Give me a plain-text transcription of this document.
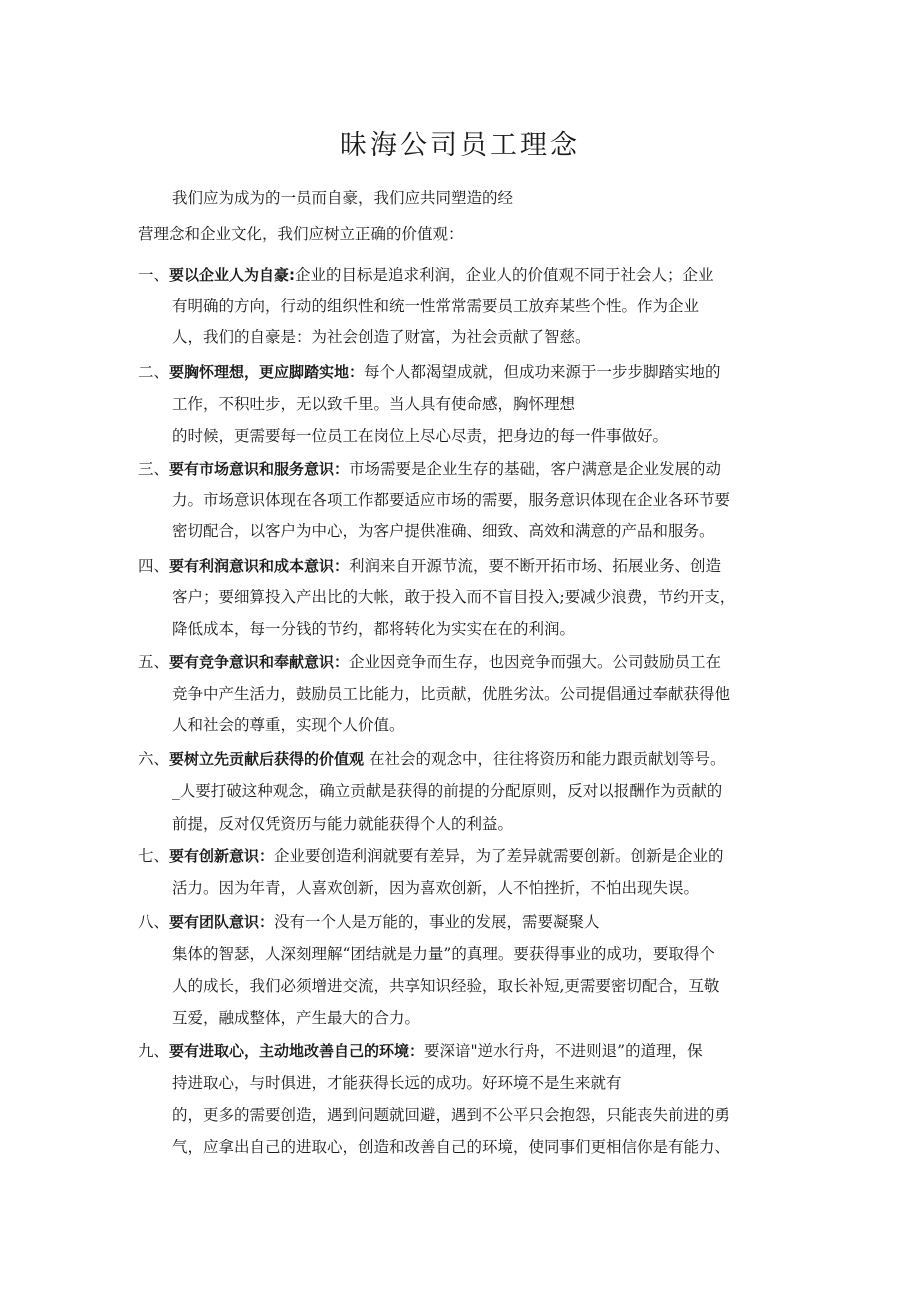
昧海公司员工理念
我们应为成为的一员而自豪，我们应共同塑造的经
营理念和企业文化，我们应树立正确的价值观：
一、要以企业人为自豪:企业的目标是追求利润，企业人的价值观不同于社会人；企业
有明确的方向，行动的组织性和统一性常常需要员工放弃某些个性。作为企业
人，我们的自豪是：为社会创造了财富，为社会贡献了智慈。
二、要胸怀理想，更应脚踏实地：每个人都渴望成就，但成功来源于一步步脚踏实地的
工作，不积吐步，无以致千里。当人具有使命感，胸怀理想
的时候，更需要每一位员工在岗位上尽心尽责，把身边的每一件事做好。
三、要有市场意识和服务意识：市场需要是企业生存的基础，客户满意是企业发展的动
力。市场意识体现在各项工作都要适应市场的需要，服务意识体现在企业各环节要
密切配合，以客户为中心，为客户提供准确、细致、高效和满意的产品和服务。
四、要有利润意识和成本意识：利润来自开源节流，要不断开拓市场、拓展业务、创造
客户；要细算投入产出比的大帐，敢于投入而不盲目投入;要减少浪费，节约开支，
降低成本，每一分钱的节约，都将转化为实实在在的利润。
五、要有竞争意识和奉献意识：企业因竞争而生存，也因竞争而强大。公司鼓励员工在
竞争中产生活力，鼓励员工比能力，比贡献，优胜劣汰。公司提倡通过奉献获得他
人和社会的尊重，实现个人价值。
六、要树立先贡献后获得的价值观 在社会的观念中，往往将资历和能力跟贡献划等号。
_人要打破这种观念，确立贡献是获得的前提的分配原则，反对以报酬作为贡献的
前提，反对仅凭资历与能力就能获得个人的利益。
七、要有创新意识：企业要创造利润就要有差异，为了差异就需要创新。创新是企业的
活力。因为年青，人喜欢创新，因为喜欢创新，人不怕挫折，不怕出现失误。
八、要有团队意识：没有一个人是万能的，事业的发展，需要凝聚人
集体的智瑟，人深刻理解“团结就是力量”的真理。要获得事业的成功，要取得个
人的成长，我们必须增进交流，共享知识经验，取长补短,更需要密切配合，互敬
互爱，融成整体，产生最大的合力。
九、要有进取心，主动地改善自己的环境：要深谙"逆水行舟，不进则退”的道理，保
持进取心，与时俱进，才能获得长远的成功。好环境不是生来就有
的，更多的需要创造，遇到问题就回避，遇到不公平只会抱怨，只能丧失前进的勇
气，应拿出自己的进取心，创造和改善自己的环境，使同事们更相信你是有能力、
